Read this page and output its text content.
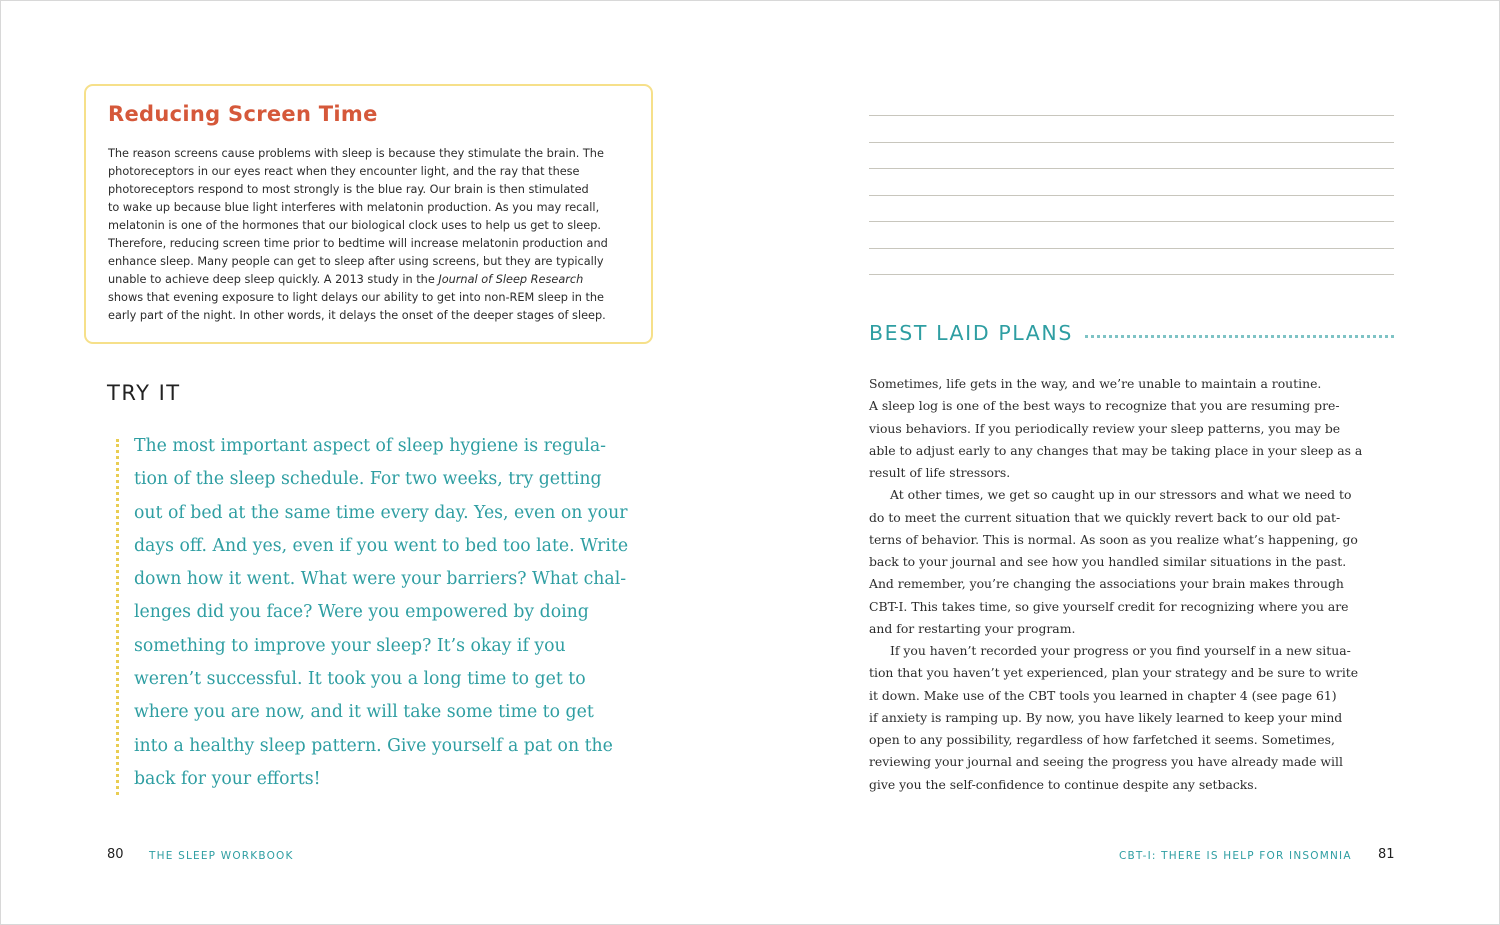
Reducing Screen Time
The reason screens cause problems with sleep is because they stimulate the brain. The
photoreceptors in our eyes react when they encounter light, and the ray that these
photoreceptors respond to most strongly is the blue ray. Our brain is then stimulated
to wake up because blue light interferes with melatonin production. As you may recall,
melatonin is one of the hormones that our biological clock uses to help us get to sleep.
Therefore, reducing screen time prior to bedtime will increase melatonin production and
enhance sleep. Many people can get to sleep after using screens, but they are typically
unable to achieve deep sleep quickly. A 2013 study in the Journal of Sleep Research
shows that evening exposure to light delays our ability to get into non-REM sleep in the
early part of the night. In other words, it delays the onset of the deeper stages of sleep.
TRY IT
The most important aspect of sleep hygiene is regula-
tion of the sleep schedule. For two weeks, try getting
out of bed at the same time every day. Yes, even on your
days off. And yes, even if you went to bed too late. Write
down how it went. What were your barriers? What chal-
lenges did you face? Were you empowered by doing
something to improve your sleep? It’s okay if you
weren’t successful. It took you a long time to get to
where you are now, and it will take some time to get
into a healthy sleep pattern. Give yourself a pat on the
back for your efforts!
80 THE SLEEP WORKBOOK
BEST LAID PLANS
Sometimes, life gets in the way, and we’re unable to maintain a routine.
A sleep log is one of the best ways to recognize that you are resuming pre-
vious behaviors. If you periodically review your sleep patterns, you may be
able to adjust early to any changes that may be taking place in your sleep as a
result of life stressors.
At other times, we get so caught up in our stressors and what we need to
do to meet the current situation that we quickly revert back to our old pat-
terns of behavior. This is normal. As soon as you realize what’s happening, go
back to your journal and see how you handled similar situations in the past.
And remember, you’re changing the associations your brain makes through
CBT-I. This takes time, so give yourself credit for recognizing where you are
and for restarting your program.
If you haven’t recorded your progress or you find yourself in a new situa-
tion that you haven’t yet experienced, plan your strategy and be sure to write
it down. Make use of the CBT tools you learned in chapter 4 (see page 61)
if anxiety is ramping up. By now, you have likely learned to keep your mind
open to any possibility, regardless of how farfetched it seems. Sometimes,
reviewing your journal and seeing the progress you have already made will
give you the self-confidence to continue despite any setbacks.
CBT-I: THERE IS HELP FOR INSOMNIA 81
